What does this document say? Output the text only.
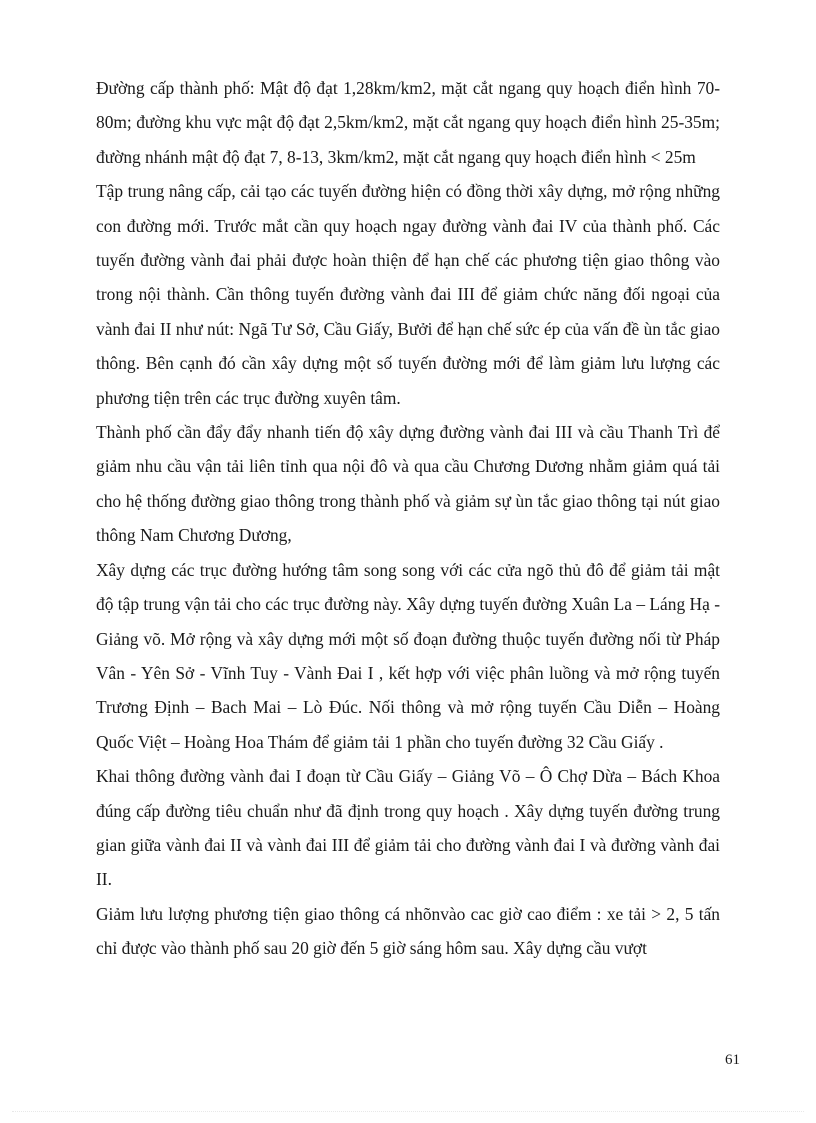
Đường cấp thành phố: Mật độ đạt 1,28km/km2, mặt cắt ngang quy hoạch điển hình 70-80m; đường khu vực mật độ đạt 2,5km/km2, mặt cắt ngang quy hoạch điển hình 25-35m; đường nhánh mật độ đạt 7, 8-13, 3km/km2, mặt cắt ngang quy hoạch điển hình < 25m

Tập trung nâng cấp, cải tạo các tuyến đường hiện có đồng thời xây dựng, mở rộng những con đường mới. Trước mắt cần quy hoạch ngay đường vành đai IV của thành phố. Các tuyến đường vành đai phải được hoàn thiện để hạn chế các phương tiện giao thông vào trong nội thành. Cần thông tuyến đường vành đai III để giảm chức năng đối ngoại của vành đai II như nút: Ngã Tư Sở, Cầu Giấy, Bưởi để hạn chế sức ép của vấn đề ùn tắc giao thông. Bên cạnh đó cần xây dựng một số tuyến đường mới để làm giảm lưu lượng các phương tiện trên các trục đường xuyên tâm.

Thành phố cần đẩy đẩy nhanh tiến độ xây dựng đường vành đai III và cầu Thanh Trì để giảm nhu cầu vận tải liên tỉnh qua nội đô và qua cầu Chương Dương nhằm giảm quá tải cho hệ thống đường giao thông trong thành phố và giảm sự ùn tắc giao thông tại nút giao thông Nam Chương Dương,

Xây dựng các trục đường hướng tâm song song với các cửa ngõ thủ đô để giảm tải mật độ tập trung vận tải cho các trục đường này. Xây dựng tuyến đường Xuân La – Láng Hạ - Giảng võ. Mở rộng và xây dựng mới một số đoạn đường thuộc tuyến đường nối từ Pháp Vân - Yên Sở - Vĩnh Tuy - Vành Đai I , kết hợp với việc phân luồng và mở rộng tuyến Trương Định – Bach Mai – Lò Đúc. Nối thông và mở rộng tuyến Cầu Diễn – Hoàng Quốc Việt – Hoàng Hoa Thám để giảm tải 1 phần cho tuyến đường 32 Cầu Giấy .

Khai thông đường vành đai I đoạn từ Cầu Giấy – Giảng Võ – Ô Chợ Dừa – Bách Khoa đúng cấp đường tiêu chuẩn như đã định trong quy hoạch . Xây dựng tuyến đường trung gian giữa vành đai II và vành đai III để giảm tải cho đường vành đai I và đường vành đai II.

Giảm lưu lượng phương tiện giao thông cá nhõnvào cac giờ cao điểm : xe tải > 2, 5 tấn chỉ được vào thành phố sau 20 giờ đến 5 giờ sáng hôm sau. Xây dựng cầu vượt

61
